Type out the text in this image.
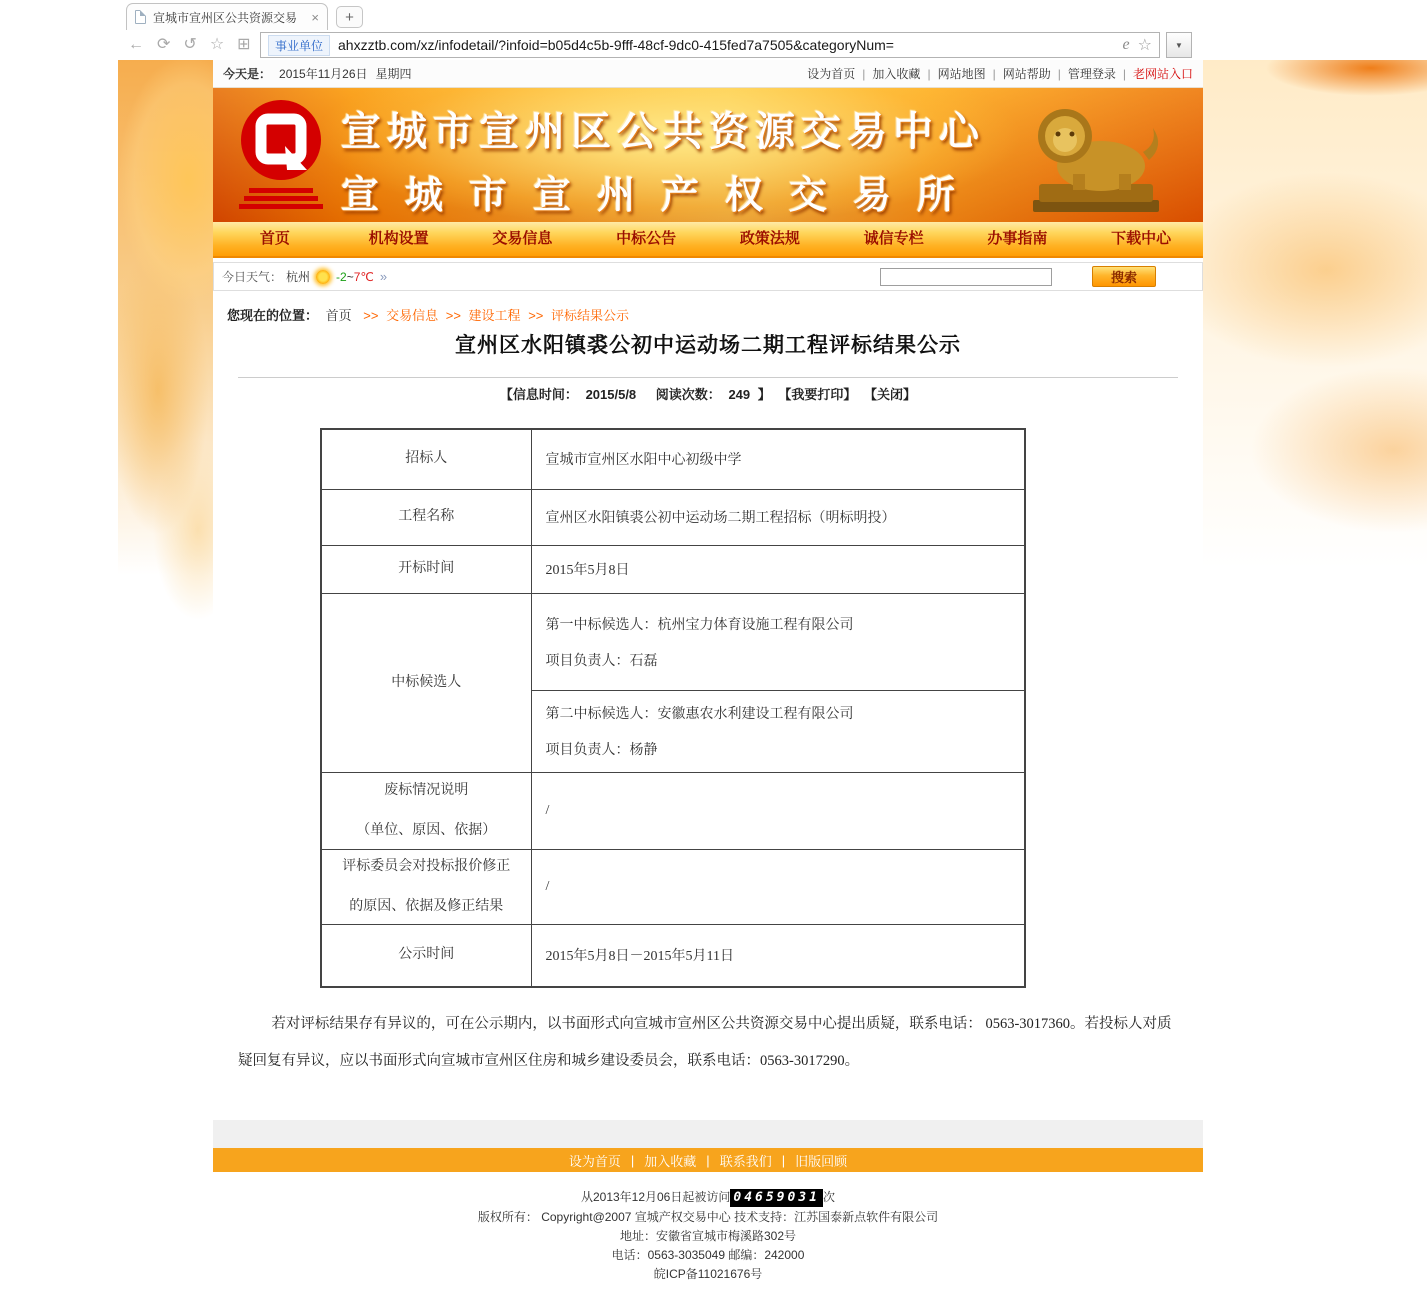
宣城市宣州区公共资源交易	×	+
← ⟳ ↺ ☆ ⊞	事业单位	ahxzztb.com/xz/infodetail/?infoid=b05d4c5b-9fff-48cf-9dc0-415fed7a7505&categoryNum=	e ☆	▼
今天是： 2015年11月26日 星期四	设为首页 | 加入收藏 | 网站地图 | 网站帮助 | 管理登录 | 老网站入口
宣城市宣州区公共资源交易中心
宣城市宣州产权交易所
首页	机构设置	交易信息	中标公告	政策法规	诚信专栏	办事指南	下载中心
今日天气： 杭州 -2 ~ 7℃ »	搜索
您现在的位置： 首页 >> 交易信息 >> 建设工程 >> 评标结果公示
宣州区水阳镇裘公初中运动场二期工程评标结果公示
【信息时间： 2015/5/8 阅读次数： 249 】 【我要打印】 【关闭】
招标人	宣城市宣州区水阳中心初级中学
工程名称	宣州区水阳镇裘公初中运动场二期工程招标（明标明投）
开标时间	2015年5月8日
中标候选人	第一中标候选人：杭州宝力体育设施工程有限公司

项目负责人：石磊

	第二中标候选人：安徽惠农水利建设工程有限公司

项目负责人：杨静

废标情况说明

（单位、原因、依据）	/

评标委员会对投标报价修正

的原因、依据及修正结果	/
公示时间	2015年5月8日－2015年5月11日
若对评标结果存有异议的，可在公示期内，以书面形式向宣城市宣州区公共资源交易中心提出质疑，联系电话： 0563-3017360。若投标人对质疑回复有异议，应以书面形式向宣城市宣州区住房和城乡建设委员会，联系电话：0563-3017290。
设为首页 | 加入收藏 | 联系我们 | 旧版回顾
从2013年12月06日起被访问 04659031 次
版权所有： Copyright@2007 宣城产权交易中心 技术支持：江苏国泰新点软件有限公司
地址：安徽省宣城市梅溪路302号
电话：0563-3035049 邮编：242000
皖ICP备11021676号
